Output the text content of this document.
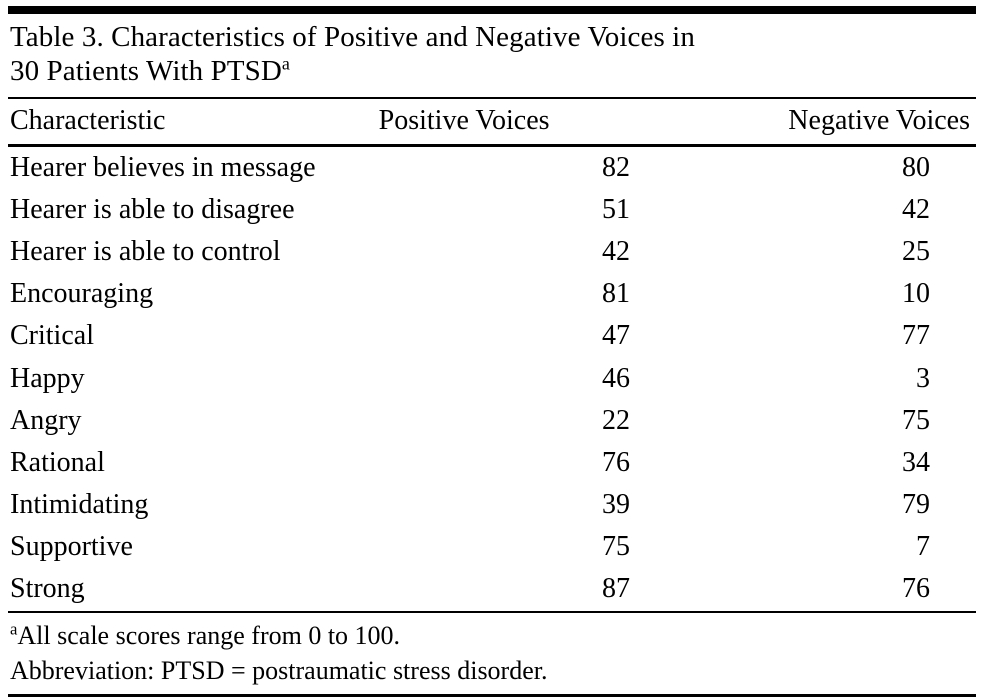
Table 3. Characteristics of Positive and Negative Voices in
30 Patients With PTSD$^a$
Characteristic	Positive Voices	Negative Voices
Hearer believes in message	82	80
Hearer is able to disagree	51	42
Hearer is able to control	42	25
Encouraging	81	10
Critical	47	77
Happy	46	3
Angry	22	75
Rational	76	34
Intimidating	39	79
Supportive	75	7
Strong	87	76
$^a$All scale scores range from 0 to 100.
Abbreviation: PTSD = postraumatic stress disorder.
